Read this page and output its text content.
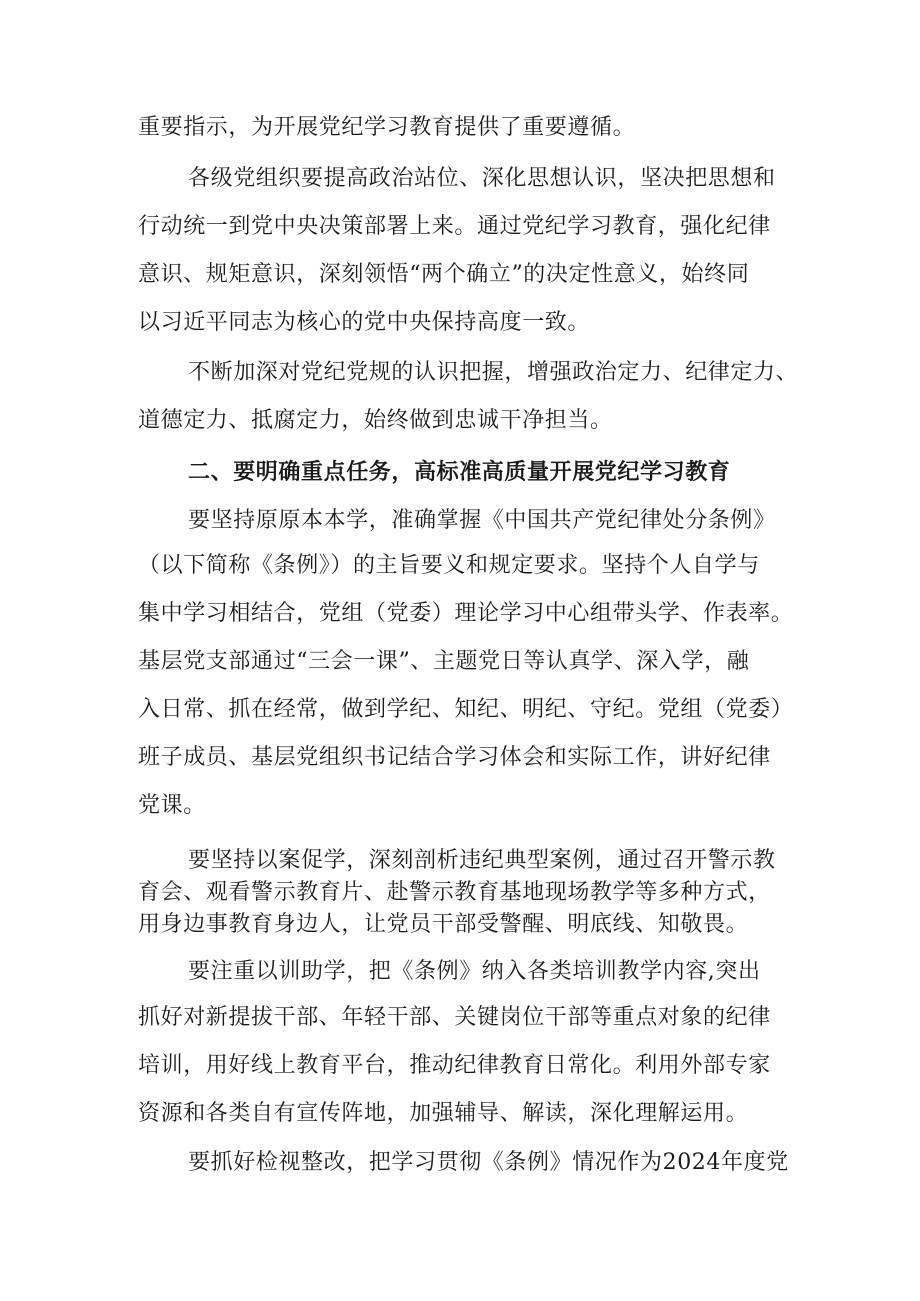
重要指示，为开展党纪学习教育提供了重要遵循。
各级党组织要提高政治站位、深化思想认识，坚决把思想和
行动统一到党中央决策部署上来。通过党纪学习教育，强化纪律
意识、规矩意识，深刻领悟“两个确立”的决定性意义，始终同
以习近平同志为核心的党中央保持高度一致。
不断加深对党纪党规的认识把握，增强政治定力、纪律定力、
道德定力、抵腐定力，始终做到忠诚干净担当。
二、要明确重点任务，高标准高质量开展党纪学习教育
要坚持原原本本学，准确掌握《中国共产党纪律处分条例》
（以下简称《条例》）的主旨要义和规定要求。坚持个人自学与
集中学习相结合，党组（党委）理论学习中心组带头学、作表率。
基层党支部通过“三会一课”、主题党日等认真学、深入学，融
入日常、抓在经常，做到学纪、知纪、明纪、守纪。党组（党委）
班子成员、基层党组织书记结合学习体会和实际工作，讲好纪律
党课。
要坚持以案促学，深刻剖析违纪典型案例，通过召开警示教
育会、观看警示教育片、赴警示教育基地现场教学等多种方式，
用身边事教育身边人，让党员干部受警醒、明底线、知敬畏。
要注重以训助学，把《条例》纳入各类培训教学内容,突出
抓好对新提拔干部、年轻干部、关键岗位干部等重点对象的纪律
培训，用好线上教育平台，推动纪律教育日常化。利用外部专家
资源和各类自有宣传阵地，加强辅导、解读，深化理解运用。
要抓好检视整改，把学习贯彻《条例》情况作为2024年度党
